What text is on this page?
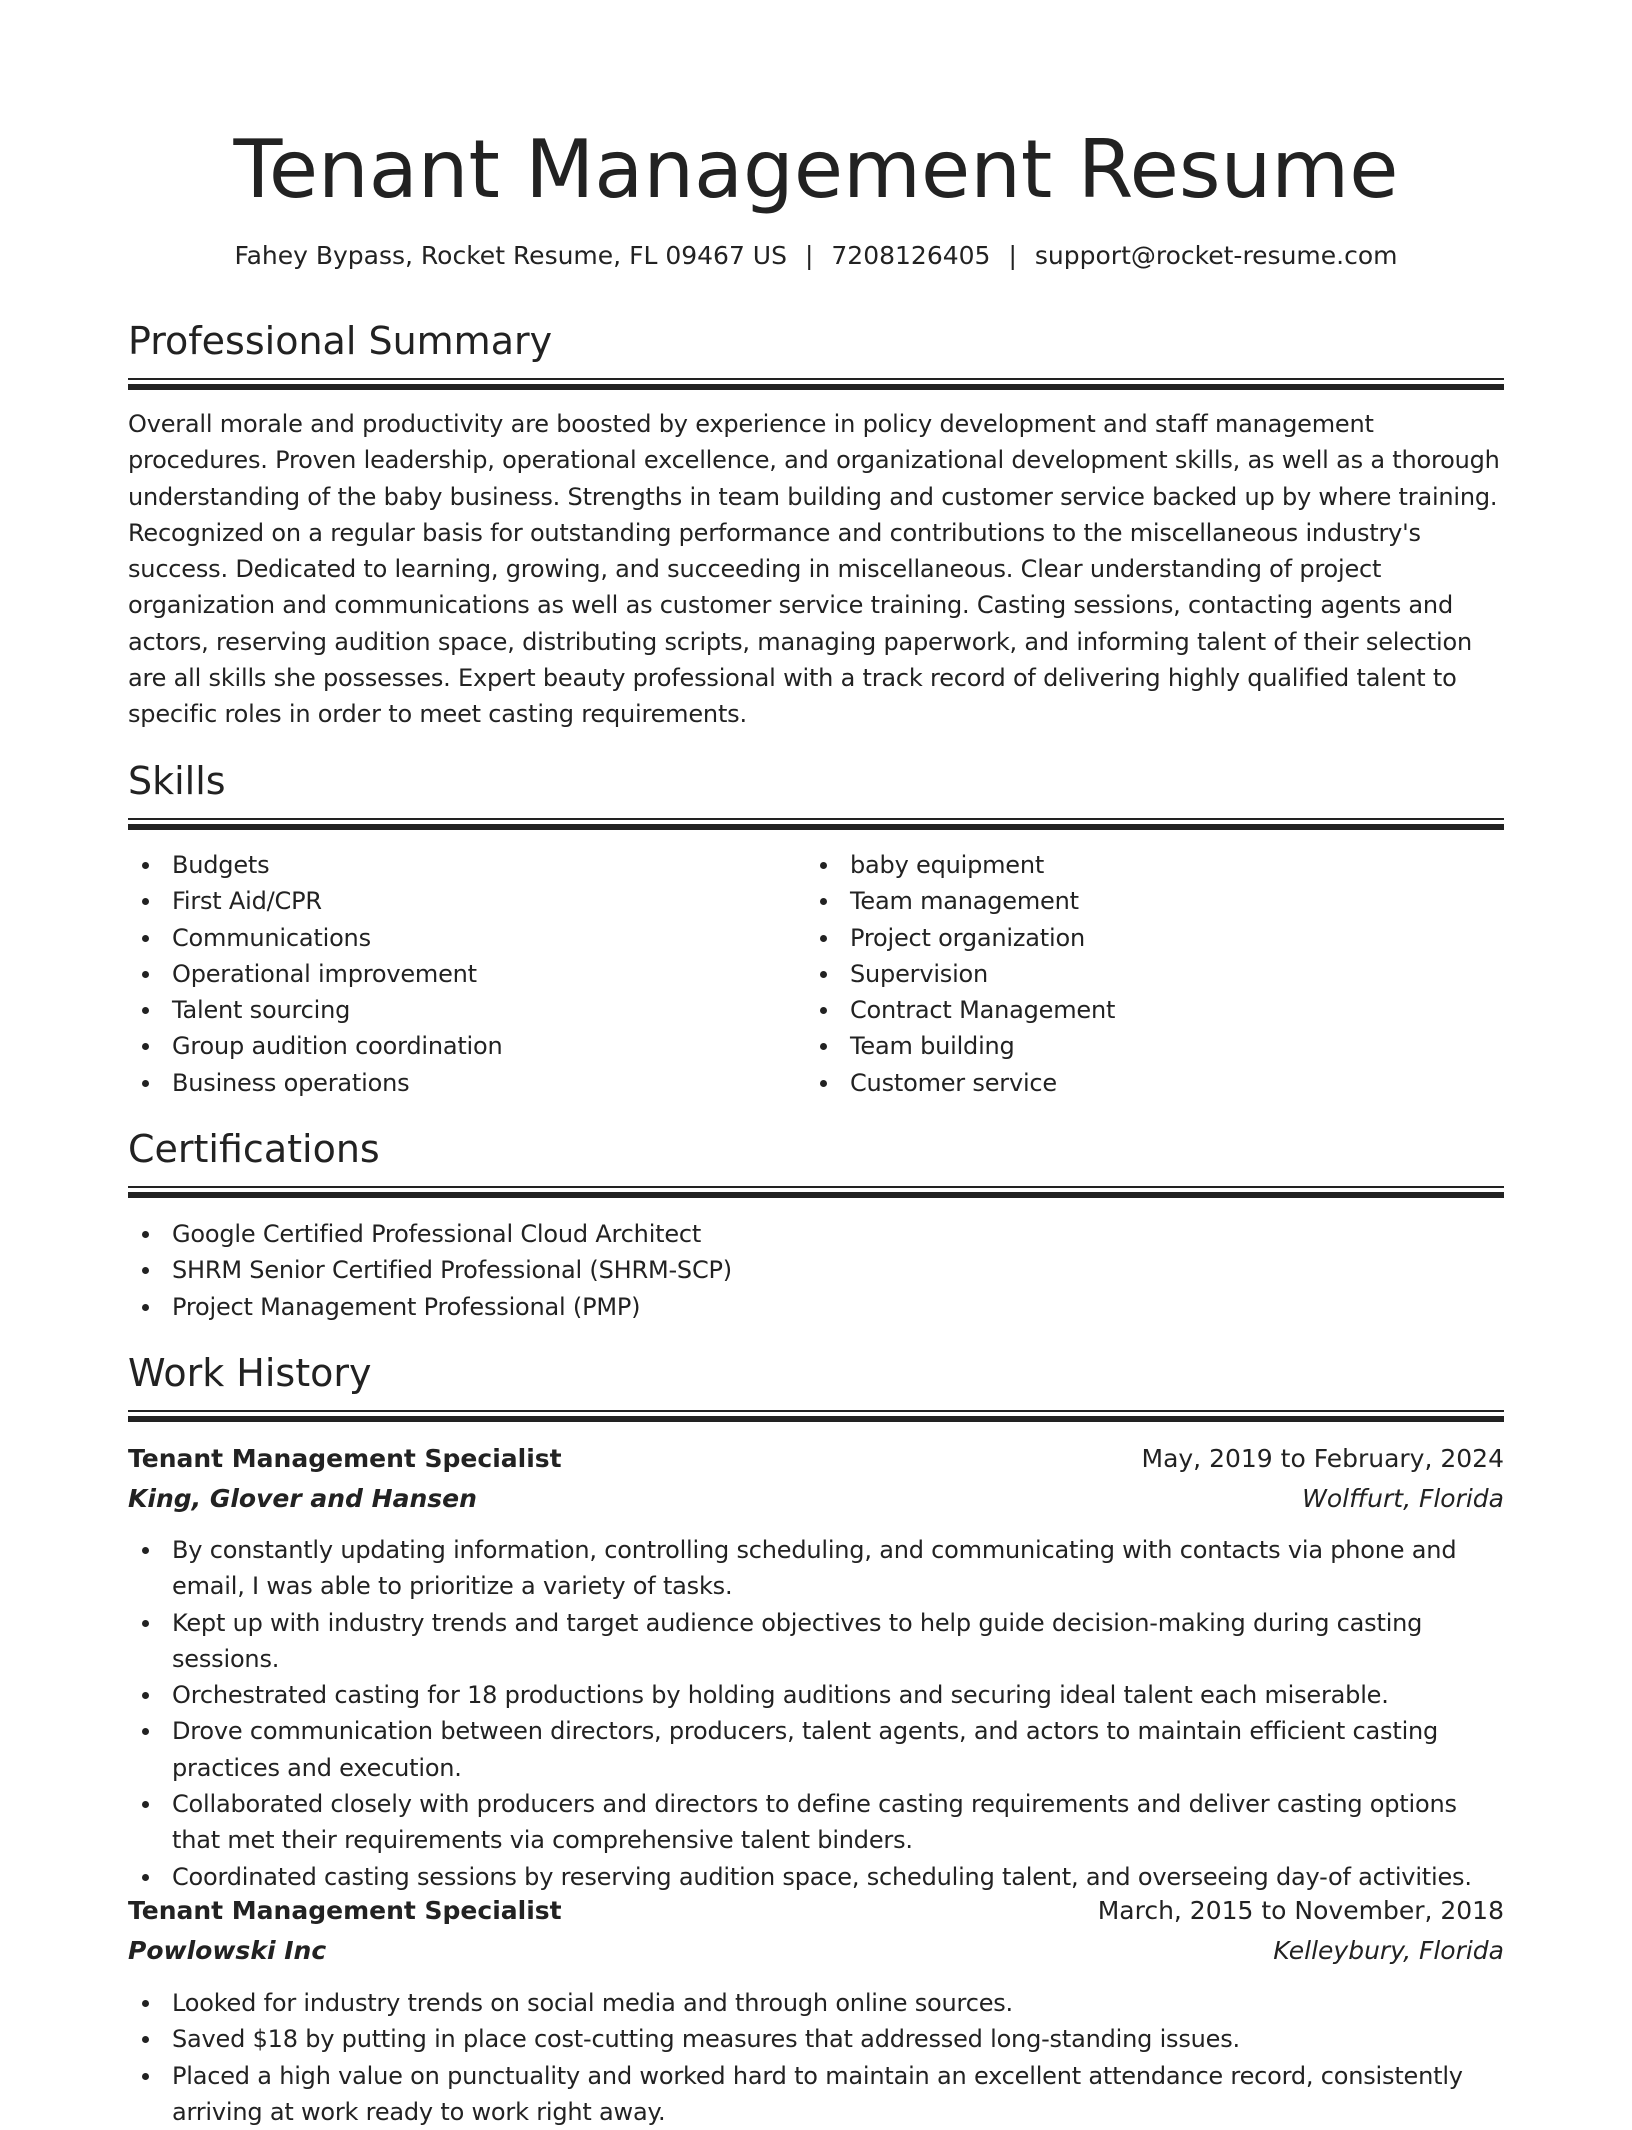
Tenant Management Resume
Fahey Bypass, Rocket Resume, FL 09467 US | 7208126405 | support@rocket-resume.com
Professional Summary

Overall morale and productivity are boosted by experience in policy development and staff management procedures. Proven leadership, operational excellence, and organizational development skills, as well as a thorough understanding of the baby business. Strengths in team building and customer service backed up by where training. Recognized on a regular basis for outstanding performance and contributions to the miscellaneous industry's success. Dedicated to learning, growing, and succeeding in miscellaneous. Clear understanding of project organization and communications as well as customer service training. Casting sessions, contacting agents and actors, reserving audition space, distributing scripts, managing paperwork, and informing talent of their selection are all skills she possesses. Expert beauty professional with a track record of delivering highly qualified talent to specific roles in order to meet casting requirements.

Skills
Budgets
First Aid/CPR
Communications
Operational improvement
Talent sourcing
Group audition coordination
Business operations
baby equipment
Team management
Project organization
Supervision
Contract Management
Team building
Customer service
Certifications
Google Certified Professional Cloud Architect
SHRM Senior Certified Professional (SHRM-SCP)
Project Management Professional (PMP)
Work History
Tenant Management Specialist	May, 2019 to February, 2024
King, Glover and Hansen	Wolffurt, Florida
By constantly updating information, controlling scheduling, and communicating with contacts via phone and email, I was able to prioritize a variety of tasks.
Kept up with industry trends and target audience objectives to help guide decision-making during casting sessions.
Orchestrated casting for 18 productions by holding auditions and securing ideal talent each miserable.
Drove communication between directors, producers, talent agents, and actors to maintain efficient casting practices and execution.
Collaborated closely with producers and directors to define casting requirements and deliver casting options that met their requirements via comprehensive talent binders.
Coordinated casting sessions by reserving audition space, scheduling talent, and overseeing day-of activities.
Tenant Management Specialist	March, 2015 to November, 2018
Powlowski Inc	Kelleybury, Florida
Looked for industry trends on social media and through online sources.
Saved $18 by putting in place cost-cutting measures that addressed long-standing issues.
Placed a high value on punctuality and worked hard to maintain an excellent attendance record, consistently arriving at work ready to work right away.
